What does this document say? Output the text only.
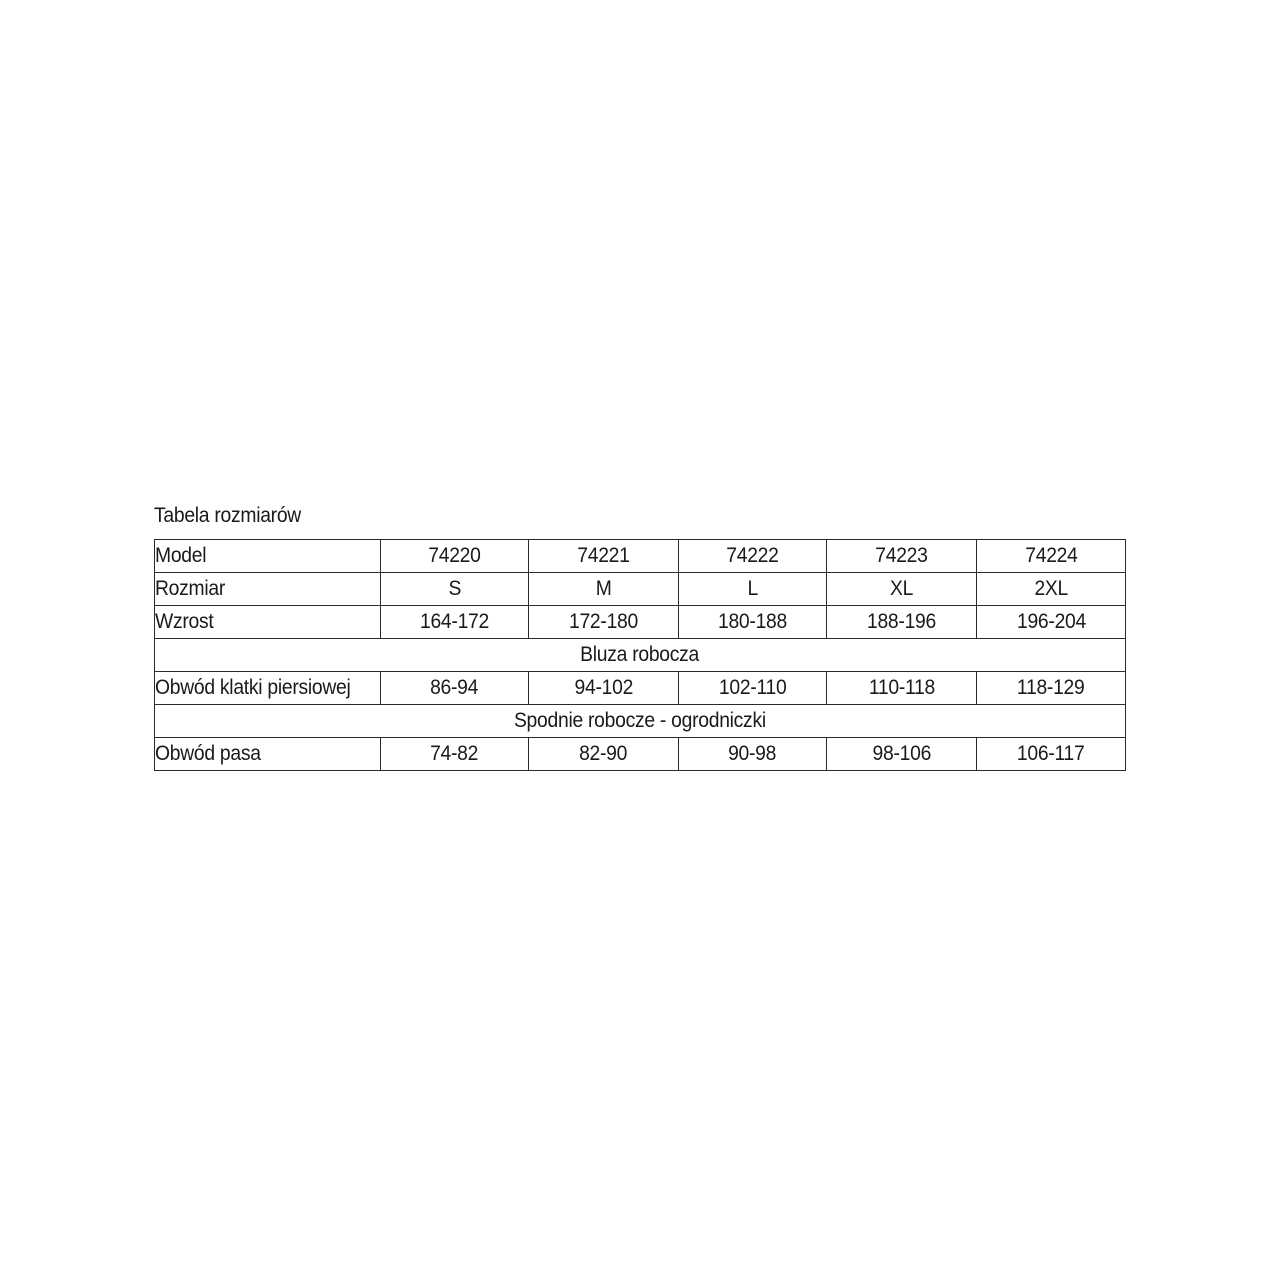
Tabela rozmiarów
Model	74220	74221	74222	74223	74224
Rozmiar	S	M	L	XL	2XL
Wzrost	164-172	172-180	180-188	188-196	196-204
Bluza robocza					
Obwód klatki piersiowej	86-94	94-102	102-110	110-118	118-129
Spodnie robocze - ogrodniczki					
Obwód pasa	74-82	82-90	90-98	98-106	106-117
